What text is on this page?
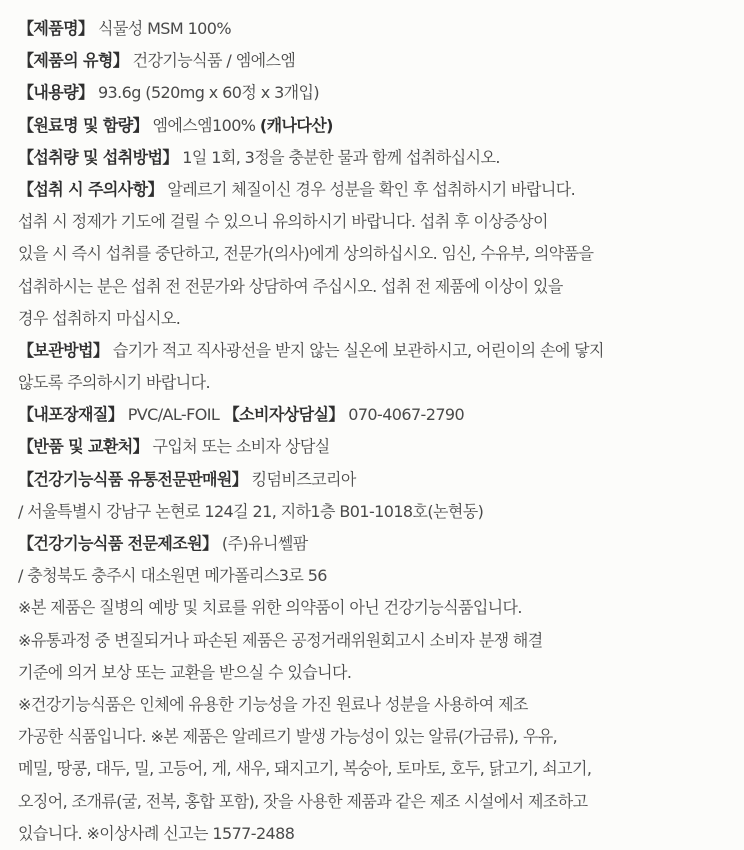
【제품명】 식물성 MSM 100%
【제품의 유형】 건강기능식품 / 엠에스엠
【내용량】 93.6g (520mg x 60정 x 3개입)
【원료명 및 함량】 엠에스엠100% (캐나다산)
【섭취량 및 섭취방법】 1일 1회, 3정을 충분한 물과 함께 섭취하십시오.
【섭취 시 주의사항】 알레르기 체질이신 경우 성분을 확인 후 섭취하시기 바랍니다.
섭취 시 정제가 기도에 걸릴 수 있으니 유의하시기 바랍니다. 섭취 후 이상증상이
있을 시 즉시 섭취를 중단하고, 전문가(의사)에게 상의하십시오. 임신, 수유부, 의약품을
섭취하시는 분은 섭취 전 전문가와 상담하여 주십시오. 섭취 전 제품에 이상이 있을
경우 섭취하지 마십시오.
【보관방법】 습기가 적고 직사광선을 받지 않는 실온에 보관하시고, 어린이의 손에 닿지
않도록 주의하시기 바랍니다.
【내포장재질】 PVC/AL-FOIL 【소비자상담실】 070-4067-2790
【반품 및 교환처】 구입처 또는 소비자 상담실
【건강기능식품 유통전문판매원】 킹덤비즈코리아
/ 서울특별시 강남구 논현로 124길 21, 지하1층 B01-1018호(논현동)
【건강기능식품 전문제조원】 (주)유니쎌팜
/ 충청북도 충주시 대소원면 메가폴리스3로 56
※본 제품은 질병의 예방 및 치료를 위한 의약품이 아닌 건강기능식품입니다.
※유통과정 중 변질되거나 파손된 제품은 공정거래위원회고시 소비자 분쟁 해결
기준에 의거 보상 또는 교환을 받으실 수 있습니다.
※건강기능식품은 인체에 유용한 기능성을 가진 원료나 성분을 사용하여 제조
가공한 식품입니다. ※본 제품은 알레르기 발생 가능성이 있는 알류(가금류), 우유,
메밀, 땅콩, 대두, 밀, 고등어, 게, 새우, 돼지고기, 복숭아, 토마토, 호두, 닭고기, 쇠고기,
오징어, 조개류(굴, 전복, 홍합 포함), 잣을 사용한 제품과 같은 제조 시설에서 제조하고
있습니다. ※이상사례 신고는 1577-2488
